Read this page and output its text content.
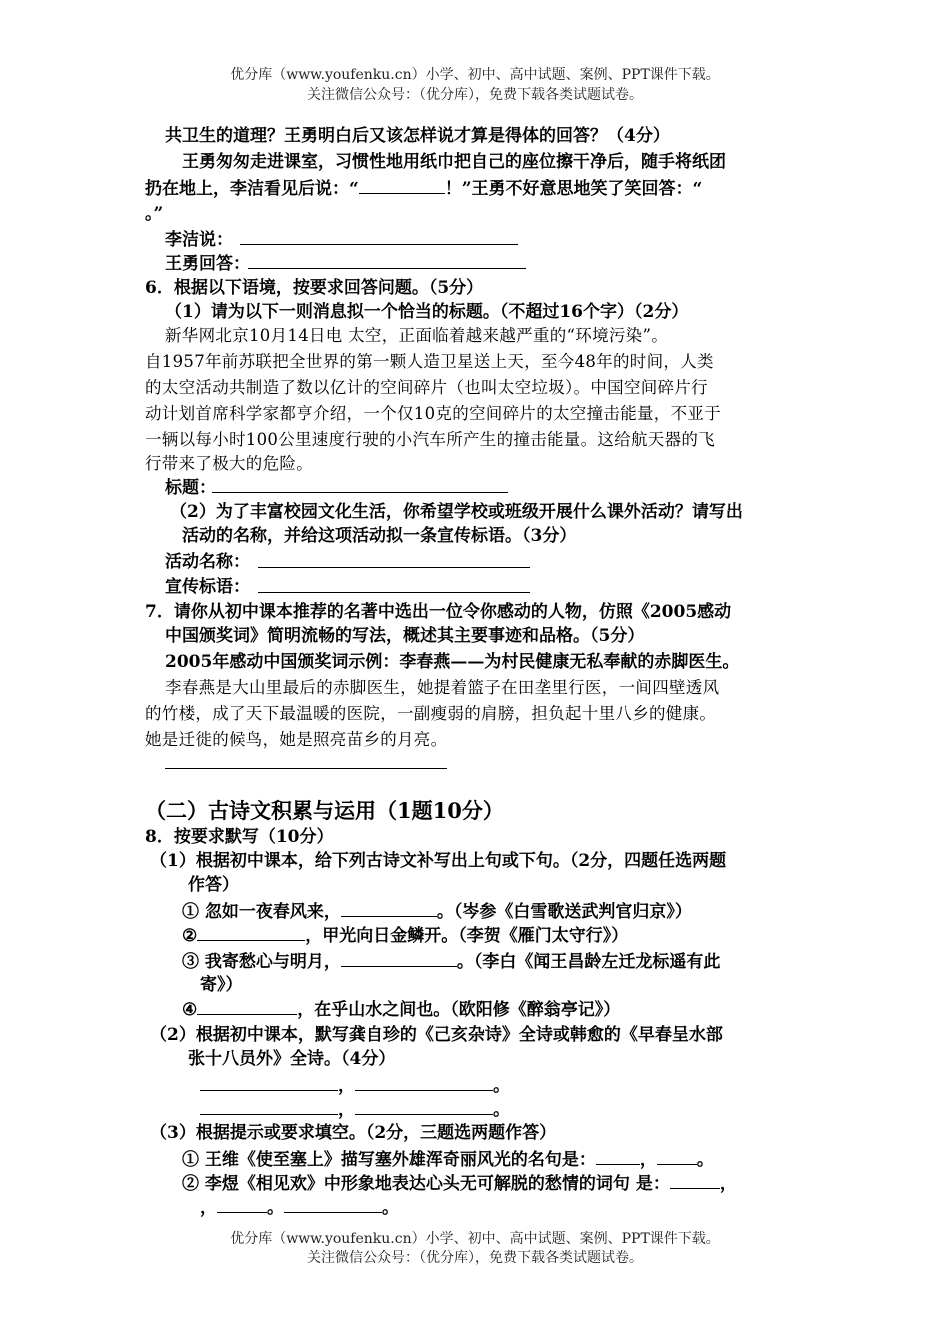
优分库（www.youfenku.cn）小学、初中、高中试题、案例、PPT课件下载。
关注微信公众号：（优分库），免费下载各类试题试卷。
共卫生的道理？王勇明白后又该怎样说才算是得体的回答？（4分）
王勇匆匆走进课室，习惯性地用纸巾把自己的座位擦干净后，随手将纸团
扔在地上，李洁看见后说：“	！”王勇不好意思地笑了笑回答：“
。”
李洁说：
王勇回答：
6．根据以下语境，按要求回答问题。（5分）
（1）请为以下一则消息拟一个恰当的标题。（不超过16个字）（2分）
新华网北京10月14日电 太空，正面临着越来越严重的“环境污染”。
自1957年前苏联把全世界的第一颗人造卫星送上天，至今48年的时间，人类
的太空活动共制造了数以亿计的空间碎片（也叫太空垃圾）。中国空间碎片行
动计划首席科学家都亨介绍，一个仅10克的空间碎片的太空撞击能量，不亚于
一辆以每小时100公里速度行驶的小汽车所产生的撞击能量。这给航天器的飞
行带来了极大的危险。
标题：
（2）为了丰富校园文化生活，你希望学校或班级开展什么课外活动？请写出
活动的名称，并给这项活动拟一条宣传标语。（3分）
活动名称：
宣传标语：
7．请你从初中课本推荐的名著中选出一位令你感动的人物，仿照《2005感动
中国颁奖词》简明流畅的写法，概述其主要事迹和品格。（5分）
2005年感动中国颁奖词示例：李春燕——为村民健康无私奉献的赤脚医生。
李春燕是大山里最后的赤脚医生，她提着篮子在田垄里行医，一间四壁透风
的竹楼，成了天下最温暖的医院，一副瘦弱的肩膀，担负起十里八乡的健康。
她是迁徙的候鸟，她是照亮苗乡的月亮。
（二）古诗文积累与运用（1题10分）
8．按要求默写（10分）
（1）根据初中课本，给下列古诗文补写出上句或下句。（2分，四题任选两题
作答）
① 忽如一夜春风来，	。（岑参《白雪歌送武判官归京》）
②	，甲光向日金鳞开。（李贺《雁门太守行》）
③ 我寄愁心与明月，	。（李白《闻王昌龄左迁龙标遥有此
寄》）
④	，在乎山水之间也。（欧阳修《醉翁亭记》）
（2）根据初中课本，默写龚自珍的《己亥杂诗》全诗或韩愈的《早春呈水部
张十八员外》全诗。（4分）
，	。
，	。
（3）根据提示或要求填空。（2分，三题选两题作答）
① 王维《使至塞上》描写塞外雄浑奇丽风光的名句是：	， 。
② 李煜《相见欢》中形象地表达心头无可解脱的愁情的词句 是：	，
，	。	。
优分库（www.youfenku.cn）小学、初中、高中试题、案例、PPT课件下载。
关注微信公众号：（优分库），免费下载各类试题试卷。
